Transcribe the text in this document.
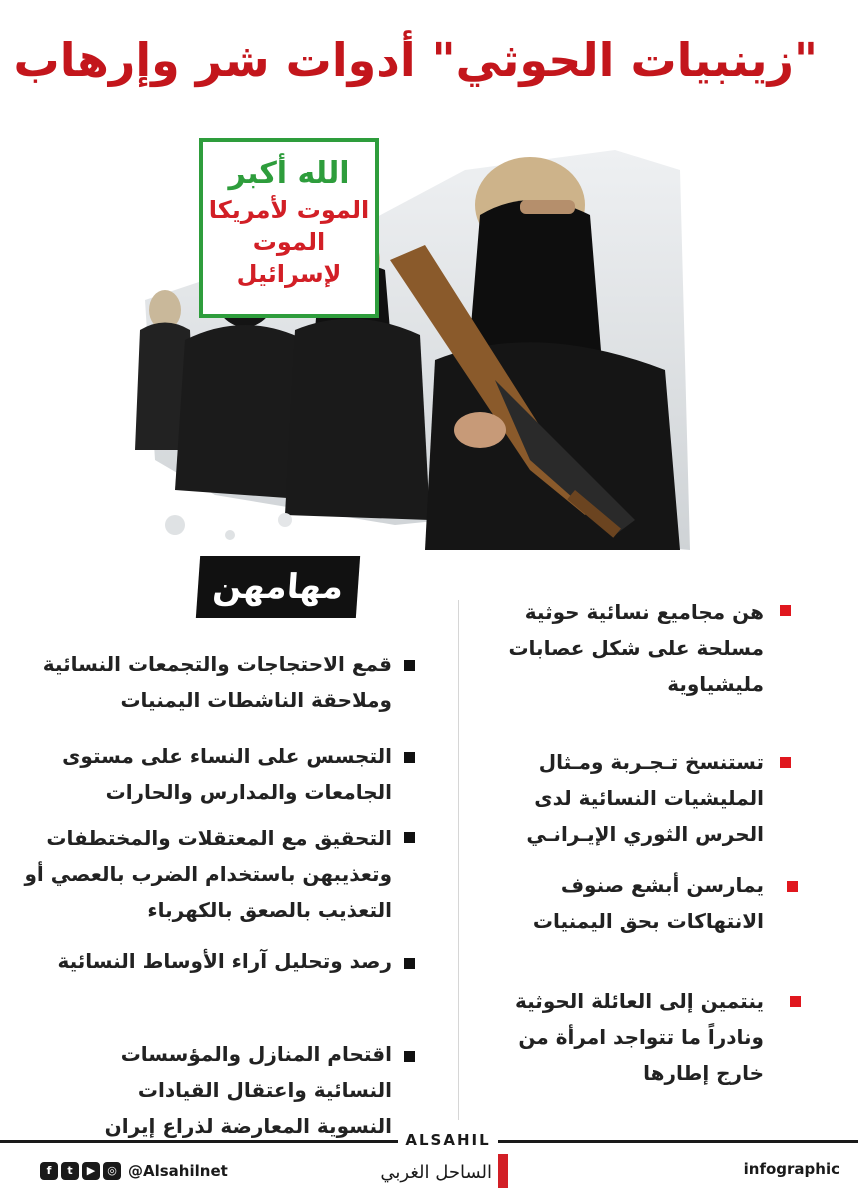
"زينبيات الحوثي" أدوات شر وإرهاب
الله أكبر
الموت لأمريكا
الموت لإسرائيل
مهامهن
هن مجاميع نسائية حوثية
مسلحة على شكل عصابات
مليشياوية
تستنسخ تـجـربة ومـثال
المليشيات النسائية لدى
الحرس الثوري الإيـرانـي
يمارسن أبشع صنوف
الانتهاكات بحق اليمنيات
ينتمين إلى العائلة الحوثية
ونادراً ما تتواجد امرأة من
خارج إطارها
قمع الاحتجاجات والتجمعات النسائية
وملاحقة الناشطات اليمنيات
التجسس على النساء على مستوى
الجامعات والمدارس والحارات
التحقيق مع المعتقلات والمختطفات
وتعذيبهن باستخدام الضرب بالعصي أو
التعذيب بالصعق بالكهرباء
رصد وتحليل آراء الأوساط النسائية
اقتحام المنازل والمؤسسات
النسائية واعتقال القيادات
النسوية المعارضة لذراع إيران
ALSAHIL
الساحل الغربي
f	t	▶	◎ @Alsahilnet	infographic
